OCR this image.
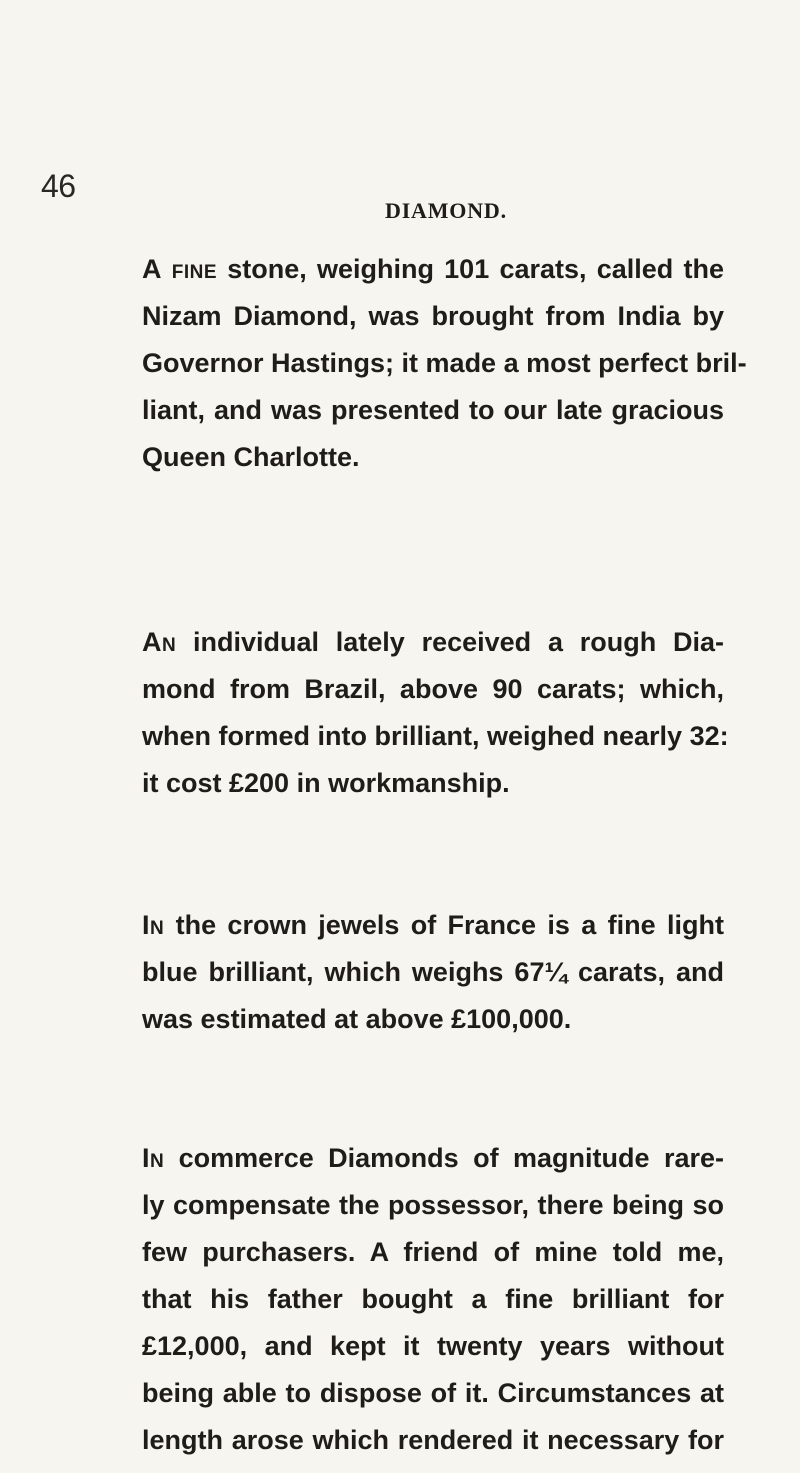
46
DIAMOND.
A fine stone, weighing 101 carats, called the
Nizam Diamond, was brought from India by
Governor Hastings; it made a most perfect bril-
liant, and was presented to our late gracious
Queen Charlotte.
An individual lately received a rough Dia-
mond from Brazil, above 90 carats; which,
when formed into brilliant, weighed nearly 32:
it cost £200 in workmanship.
In the crown jewels of France is a fine light
blue brilliant, which weighs 67¼ carats, and
was estimated at above £100,000.
In commerce Diamonds of magnitude rare-
ly compensate the possessor, there being so
few purchasers. A friend of mine told me,
that his father bought a fine brilliant for
£12,000, and kept it twenty years without
being able to dispose of it. Circumstances at
length arose which rendered it necessary for
